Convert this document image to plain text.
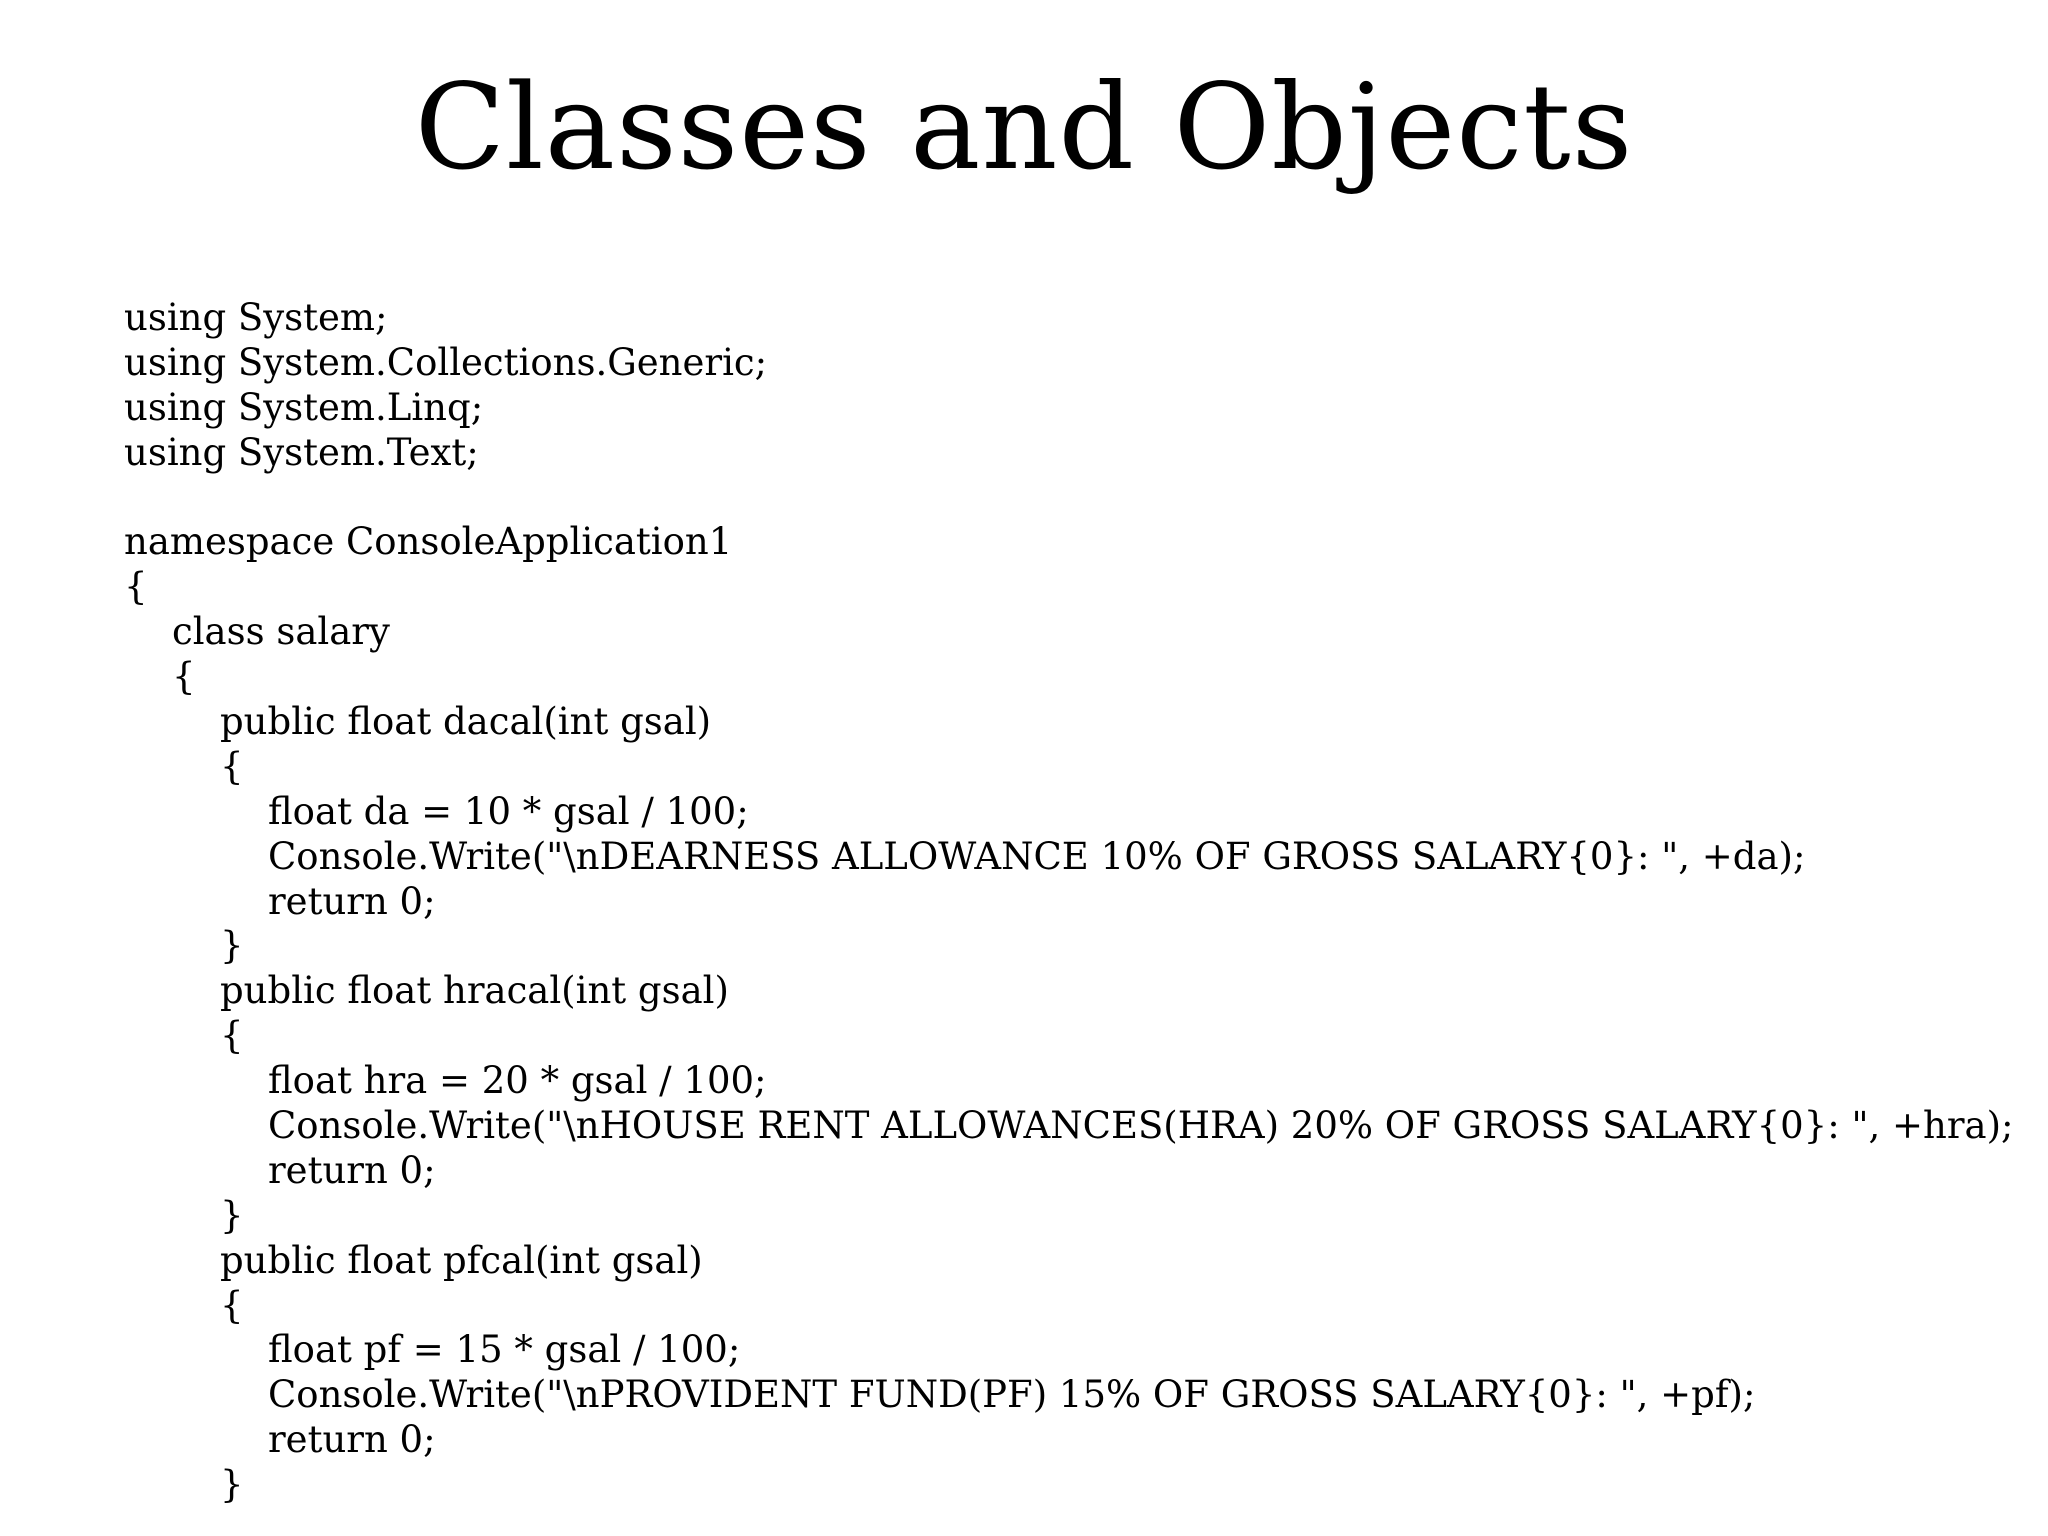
Classes and Objects
using System;
using System.Collections.Generic;
using System.Linq;
using System.Text;
namespace ConsoleApplication1
{
class salary
{
public float dacal(int gsal)
{
float da = 10 * gsal / 100;
Console.Write("\nDEARNESS ALLOWANCE 10% OF GROSS SALARY{0}: ", +da);
return 0;
}
public float hracal(int gsal)
{
float hra = 20 * gsal / 100;
Console.Write("\nHOUSE RENT ALLOWANCES(HRA) 20% OF GROSS SALARY{0}: ", +hra);
return 0;
}
public float pfcal(int gsal)
{
float pf = 15 * gsal / 100;
Console.Write("\nPROVIDENT FUND(PF) 15% OF GROSS SALARY{0}: ", +pf);
return 0;
}
